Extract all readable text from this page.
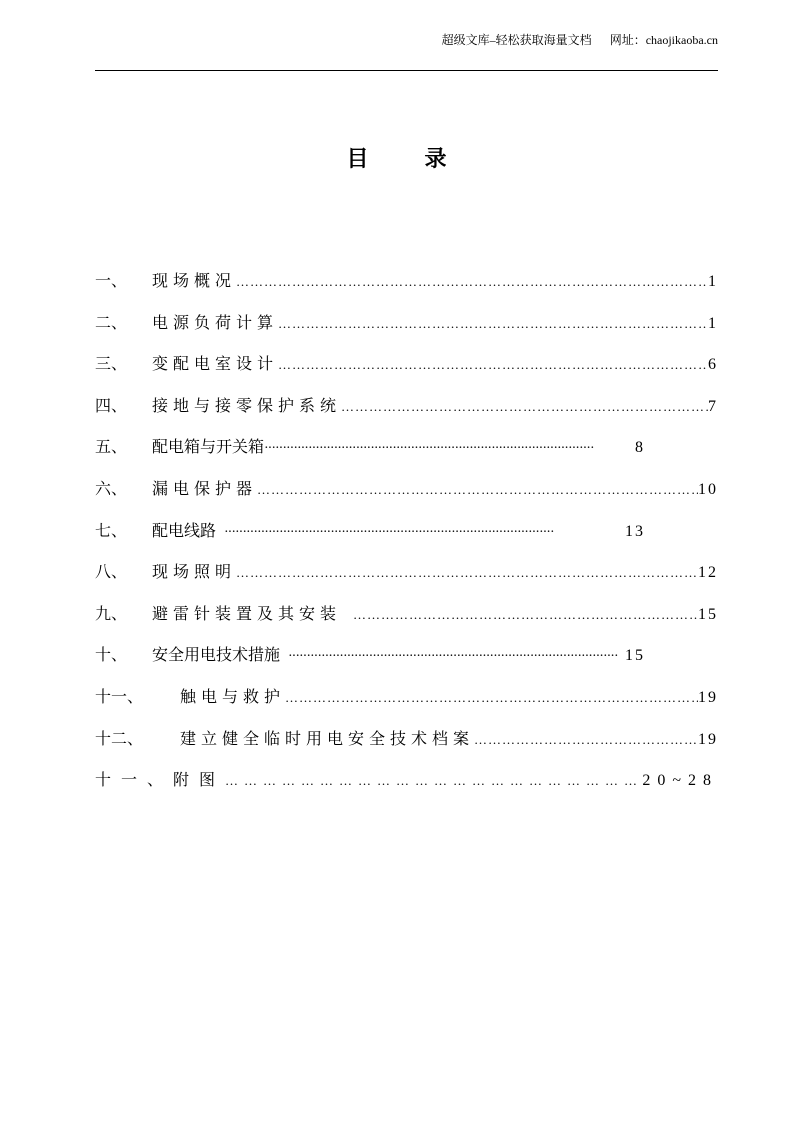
超级文库–轻松获取海量文档 网址：chaojikaoba.cn
目录
一、	现场概况 …………………………………………………………………………………………………………	1
二、	电源负荷计算 …………………………………………………………………………………………………………	1
三、	变配电室设计 …………………………………………………………………………………………………………	6
四、	接地与接零保护系统 …………………………………………………………………………………………………………	7
五、	配电箱与开关箱 ·····	8
六、	漏电保护器 …………………………………………………………………………………………………………	10
七、	配电线路 ·····	13
八、	现场照明 …………………………………………………………………………………………………………	12
九、	避雷针装置及其安装 …………………………………………………………………………………………………………	15
十、	安全用电技术措施 ·····	15
十一、	触电与救护 …………………………………………………………………………………………………………	19
十二、	建立健全临时用电安全技术档案 …………………………………………………………………………………………………………	19
十一、 附图 …………………………………………………………………………………………………………	20~28
